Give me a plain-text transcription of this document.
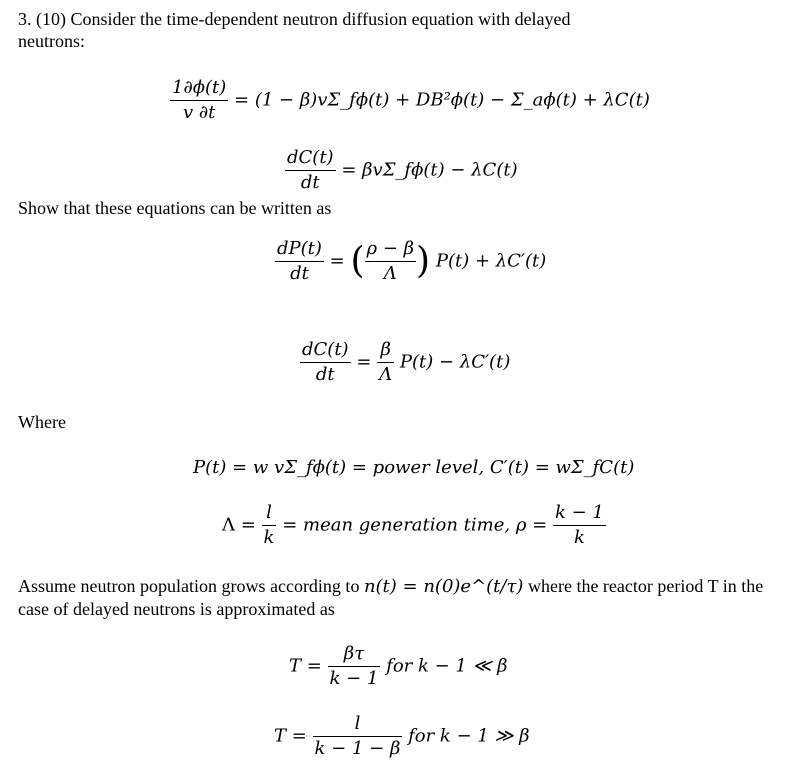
3. (10) Consider the time-dependent neutron diffusion equation with delayed
neutrons:
$\frac{1\partial\phi(t)}{v \partial t} = (1$ − β)vΣ_fϕ(t) + DB²ϕ(t) − Σ_aϕ(t) + λC(t)
$\frac{dC(t)}{dt}$ = βvΣ_fϕ(t) − λC(t)
Show that these equations can be written as
$\frac{dP(t)}{dt}$ = ( $\frac{\rho - \beta}{\Lambda}$ ) P(t) + λC′(t)
$\frac{dC(t)}{dt} = \frac{\beta}{\Lambda} P(t) - \lambda C'(t)$
Where
P(t) = w vΣ_fϕ(t) = power level, C′(t) = wΣ_fC(t)
$\Lambda = \frac{l}{k}$ = mean generation time, $\rho = \frac{k - 1}{k}$
Assume neutron population grows according to n(t) = n(0)e^(t/τ) where the reactor period T in the
case of delayed neutrons is approximated as
$T = \frac{\beta\tau}{k - 1}$ for k − 1 ≪ β
$T = \frac{l}{k - 1 - \beta}$ for k − 1 ≫ β
